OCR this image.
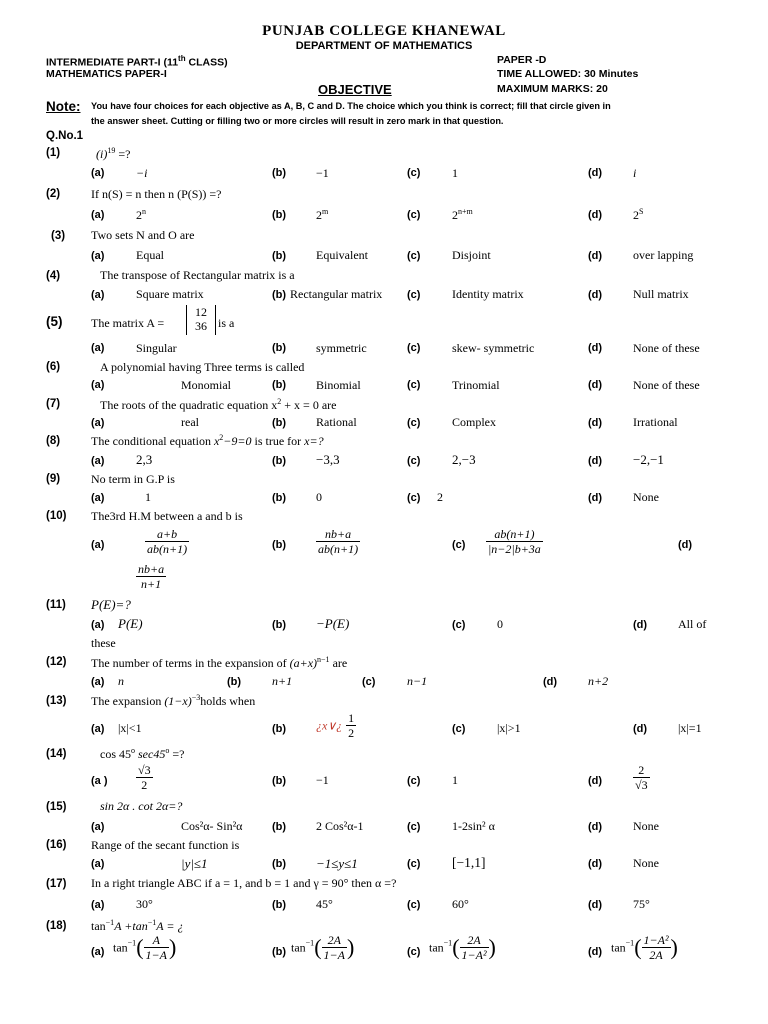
PUNJAB COLLEGE KHANEWAL
DEPARTMENT OF MATHEMATICS
INTERMEDIATE PART-I (11th CLASS)
MATHEMATICS PAPER-I
PAPER -D
TIME ALLOWED: 30 Minutes
MAXIMUM MARKS: 20
OBJECTIVE
Note: You have four choices for each objective as A, B, C and D. The choice which you think is correct; fill that circle given in
the answer sheet. Cutting or filling two or more circles will result in zero mark in that question.
Q.No.1
(1)	$(i)^{19}$ =?
(a)	−i	(b) −1	(c)	1	(d)	i
(2)	If n(S) = n then n (P(S)) =?
(a)	2$^n$	(b) 2$^m$	(c)	$2^{n+m}$	(d)	$2^S$
(3) Two sets N and O are
(a)	Equal	(b) Equivalent	(c)	Disjoint	(d)	over lapping
(4)	The transpose of Rectangular matrix is a
(a)	Square matrix	(b) Rectangular matrix (c)	Identity matrix	(d)	Null matrix
(5) The matrix A =
12
36 is a
(a)	Singular	(b) symmetric	(c)	skew- symmetric	(d)	None of these
(6)	A polynomial having Three terms is called
(a)	Monomial	(b) Binomial	(c)	Trinomial	(d)	None of these
(7)	The roots of the quadratic equation $x^2 + x = 0$ are
(a)	real	(b) Rational	(c)	Complex	(d)	Irrational
(8)	The conditional equation $x^2-9=0$ is true for x=?
(a) 2,3	(b) −3,3	(c) 2,−3	(d) −2,−1
(9)	No term in G.P is
(a)	1	(b) 0	(c) 2	(d)	None
(10) The3rd H.M between a and b is
(a)	$\frac{a+b}{ab(n+1)}$	$(b) \frac{nb+a}{ab(n+1)}$	$(c) \frac{ab(n+1)}{|n-2|b+3a}$	(d)
$\frac{nb+a}{n+1}$
(11) P(E)=?
(a) P(E)	(b) −P(E)	(c)	0	(d)	All of
these
(12) The number of terms in the expansion of $(a+x)^{n-1}$ are
(a) n	(b)	n+1	(c)	n−1	(d)	n+2
(13) The expansion $(1-x)^{-3}holds$ when
(a) |x|<1	(b) ¿x∨¿ $\frac{1}{2}$	(c)	|x|>1	(d)	|x|=1
(14)	cos 45$^o$ $\sec 45^o$ =?
(a ) $\frac{√3}{2}$	(b) −1	(c)	1	(d)	$\frac{2}{√3}$
(15)	sin 2α . cot 2α=?
(a)	Cos²α- Sin²α	(b) 2 Cos²α-1	(c)	1-2sin² α	(d)	None
(16) Range of the secant function is
(a)	|y|≤1	(b) −1≤y≤1	(c) [−1,1]	(d)	None
(17) In a right triangle ABC if a = 1, and b = 1 and γ = 90° then α =?
(a)	30°	(b) 45°	(c)	60°	(d)	75°
(18) $\tan^{-1}A +\tan^{-1}A$ = ¿
(a) $\tan^{-1}( \frac{A}{1-A}$ )	(b) $\tan^{-1}( \frac{2A}{1-A}$ )	(c) $\tan^{-1}( \frac{2A}{\text{1−A²}}$ )	(d) $\tan^{-1}( \frac{\text{1−A²}}{2A}$ )
